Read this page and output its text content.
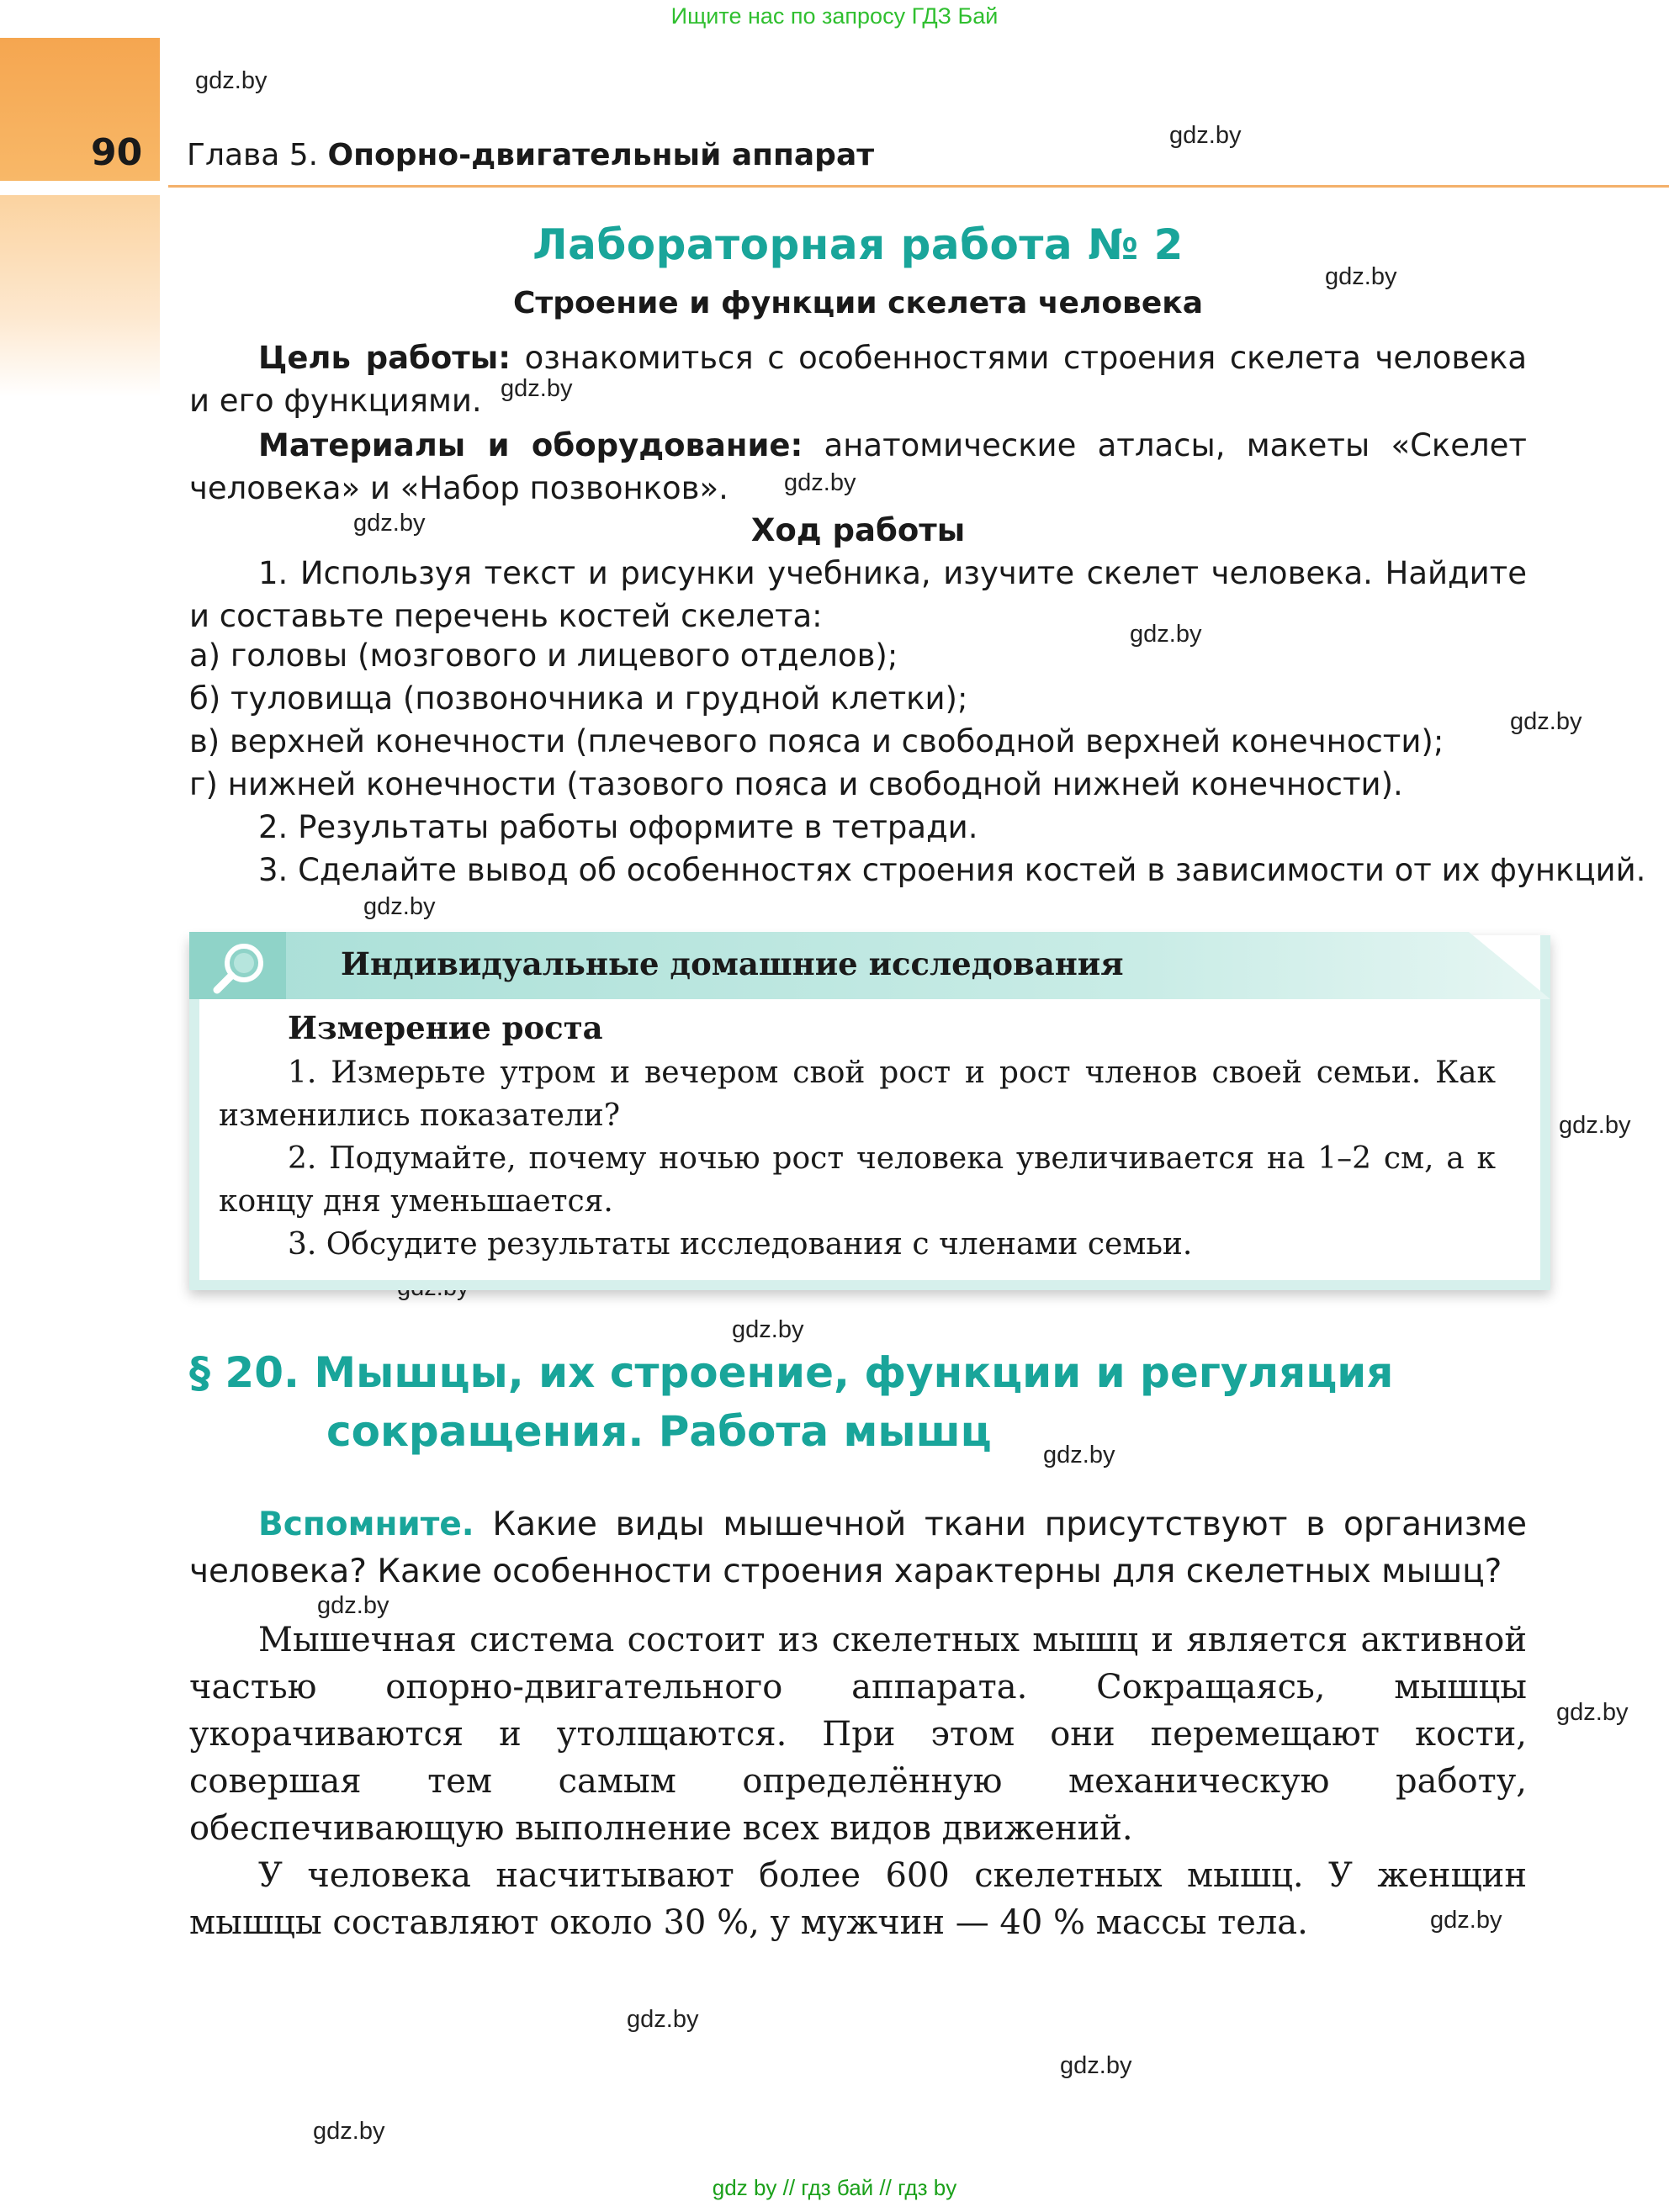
Ищите нас по запросу ГДЗ Бай
90 Глава 5. Опорно-двигательный аппарат
gdz.by
gdz.by
gdz.by
gdz.by
gdz.by
gdz.by
gdz.by
gdz.by
gdz.by
gdz.by
gdz.by
gdz.by
gdz.by
gdz.by
gdz.by
gdz.by
gdz.by
gdz.by
Лабораторная работа № 2
Строение и функции скелета человека
Цель работы: ознакомиться с особенностями строения скелета человека и его функциями.
Материалы и оборудование: анатомические атласы, макеты «Скелет человека» и «Набор позвонков».
Ход работы
1. Используя текст и рисунки учебника, изучите скелет человека. Найдите и составьте перечень костей скелета:
а) головы (мозгового и лицевого отделов);
б) туловища (позвоночника и грудной клетки);
в) верхней конечности (плечевого пояса и свободной верхней конечности);
г) нижней конечности (тазового пояса и свободной нижней конечности).
2. Результаты работы оформите в тетради.
3. Сделайте вывод об особенностях строения костей в зависимости от их функций.
Индивидуальные домашние исследования
Измерение роста
1. Измерьте утром и вечером свой рост и рост членов своей семьи. Как изменились показатели?
2. Подумайте, почему ночью рост человека увеличивается на 1–2 см, а к концу дня уменьшается.
3. Обсудите результаты исследования с членами семьи.
§ 20. Мышцы, их строение, функции и регуляция
сокращения. Работа мышц
Вспомните. Какие виды мышечной ткани присутствуют в организме человека? Какие особенности строения характерны для скелетных мышц?
Мышечная система состоит из скелетных мышц и является активной частью опорно-двигательного аппарата. Сокращаясь, мышцы укорачиваются и утолщаются. При этом они перемещают кости, совершая тем самым определённую механическую работу, обеспечивающую выполнение всех видов движений.
У человека насчитывают более 600 скелетных мышц. У женщин мышцы составляют около 30 %, у мужчин — 40 % массы тела.
gdz by // гдз бай // гдз by
